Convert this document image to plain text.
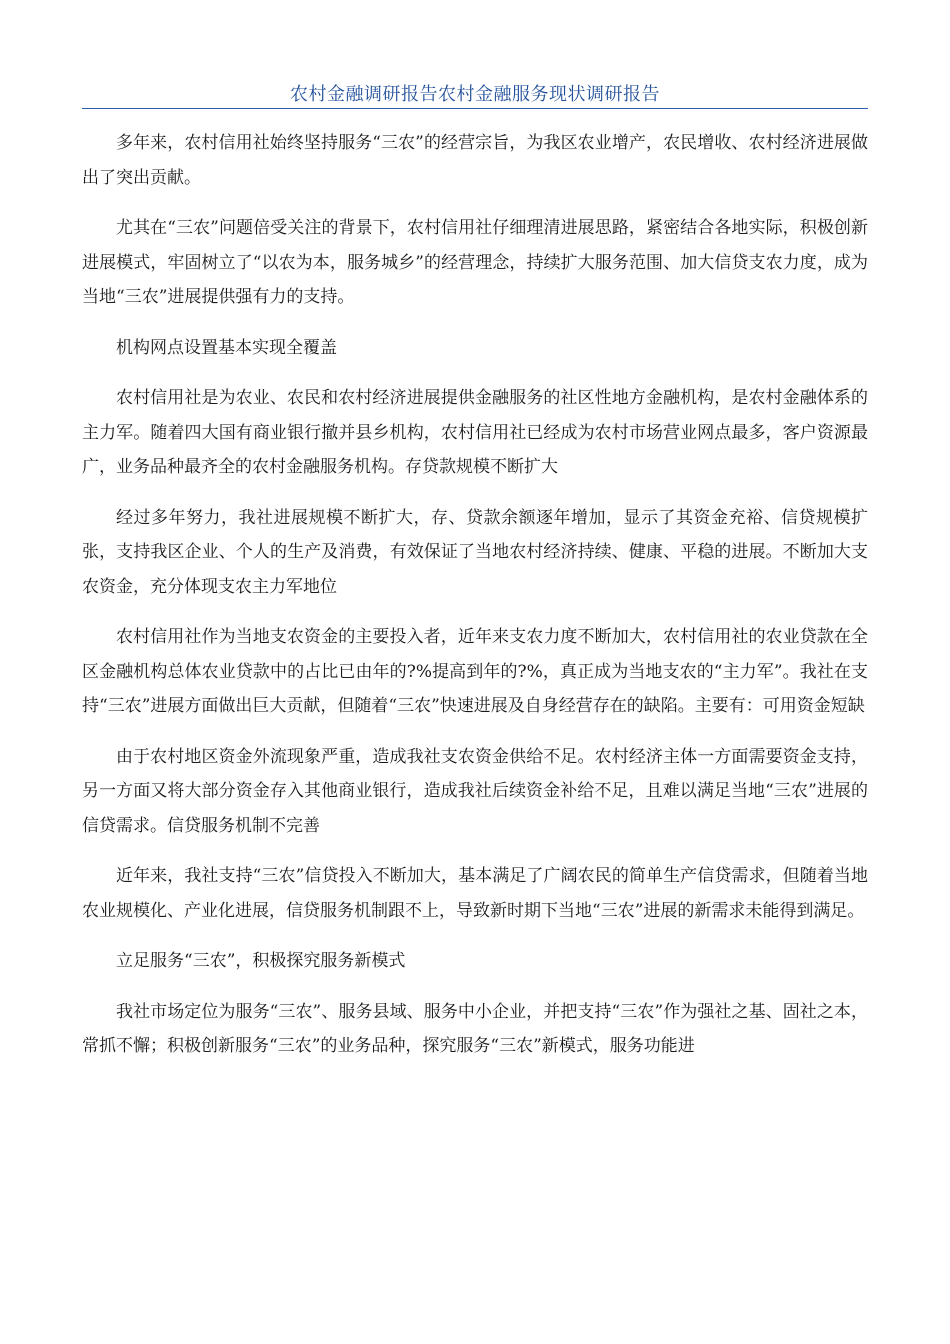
农村金融调研报告农村金融服务现状调研报告

多年来，农村信用社始终坚持服务“三农”的经营宗旨，为我区农业增产，农民增收、农村经济进展做出了突出贡献。

尤其在“三农”问题倍受关注的背景下，农村信用社仔细理清进展思路，紧密结合各地实际，积极创新进展模式，牢固树立了“以农为本，服务城乡”的经营理念，持续扩大服务范围、加大信贷支农力度，成为当地“三农”进展提供强有力的支持。

机构网点设置基本实现全覆盖

农村信用社是为农业、农民和农村经济进展提供金融服务的社区性地方金融机构，是农村金融体系的主力军。随着四大国有商业银行撤并县乡机构，农村信用社已经成为农村市场营业网点最多，客户资源最广，业务品种最齐全的农村金融服务机构。存贷款规模不断扩大

经过多年努力，我社进展规模不断扩大，存、贷款余额逐年增加，显示了其资金充裕、信贷规模扩张，支持我区企业、个人的生产及消费，有效保证了当地农村经济持续、健康、平稳的进展。不断加大支农资金，充分体现支农主力军地位

农村信用社作为当地支农资金的主要投入者，近年来支农力度不断加大，农村信用社的农业贷款在全区金融机构总体农业贷款中的占比已由年的?%提高到年的?%，真正成为当地支农的“主力军”。我社在支持“三农”进展方面做出巨大贡献，但随着“三农”快速进展及自身经营存在的缺陷。主要有：可用资金短缺

由于农村地区资金外流现象严重，造成我社支农资金供给不足。农村经济主体一方面需要资金支持，另一方面又将大部分资金存入其他商业银行，造成我社后续资金补给不足，且难以满足当地“三农”进展的信贷需求。信贷服务机制不完善

近年来，我社支持“三农”信贷投入不断加大，基本满足了广阔农民的简单生产信贷需求，但随着当地农业规模化、产业化进展，信贷服务机制跟不上，导致新时期下当地“三农”进展的新需求未能得到满足。

立足服务“三农”，积极探究服务新模式

我社市场定位为服务“三农”、服务县域、服务中小企业，并把支持“三农”作为强社之基、固社之本，常抓不懈；积极创新服务“三农”的业务品种，探究服务“三农”新模式，服务功能进
